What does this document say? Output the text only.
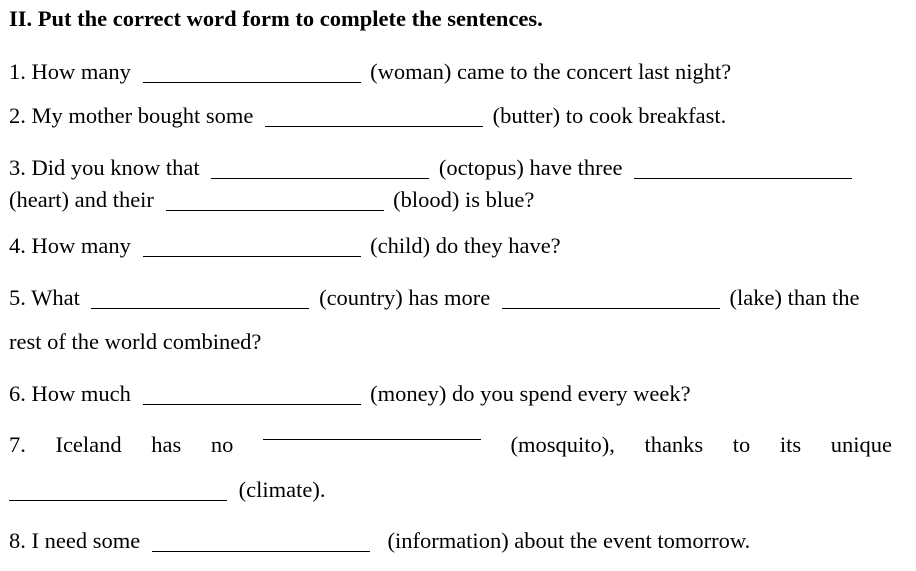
II. Put the correct word form to complete the sentences.
1. How many	(woman) came to the concert last night?
2. My mother bought some	(butter) to cook breakfast.
3. Did you know that	(octopus) have three
(heart) and their	(blood) is blue?
4. How many	(child) do they have?
5. What	(country) has more	(lake) than the
rest of the world combined?
6. How much	(money) do you spend every week?
7. Iceland has no	(mosquito), thanks to its unique
(climate).
8. I need some	(information) about the event tomorrow.
